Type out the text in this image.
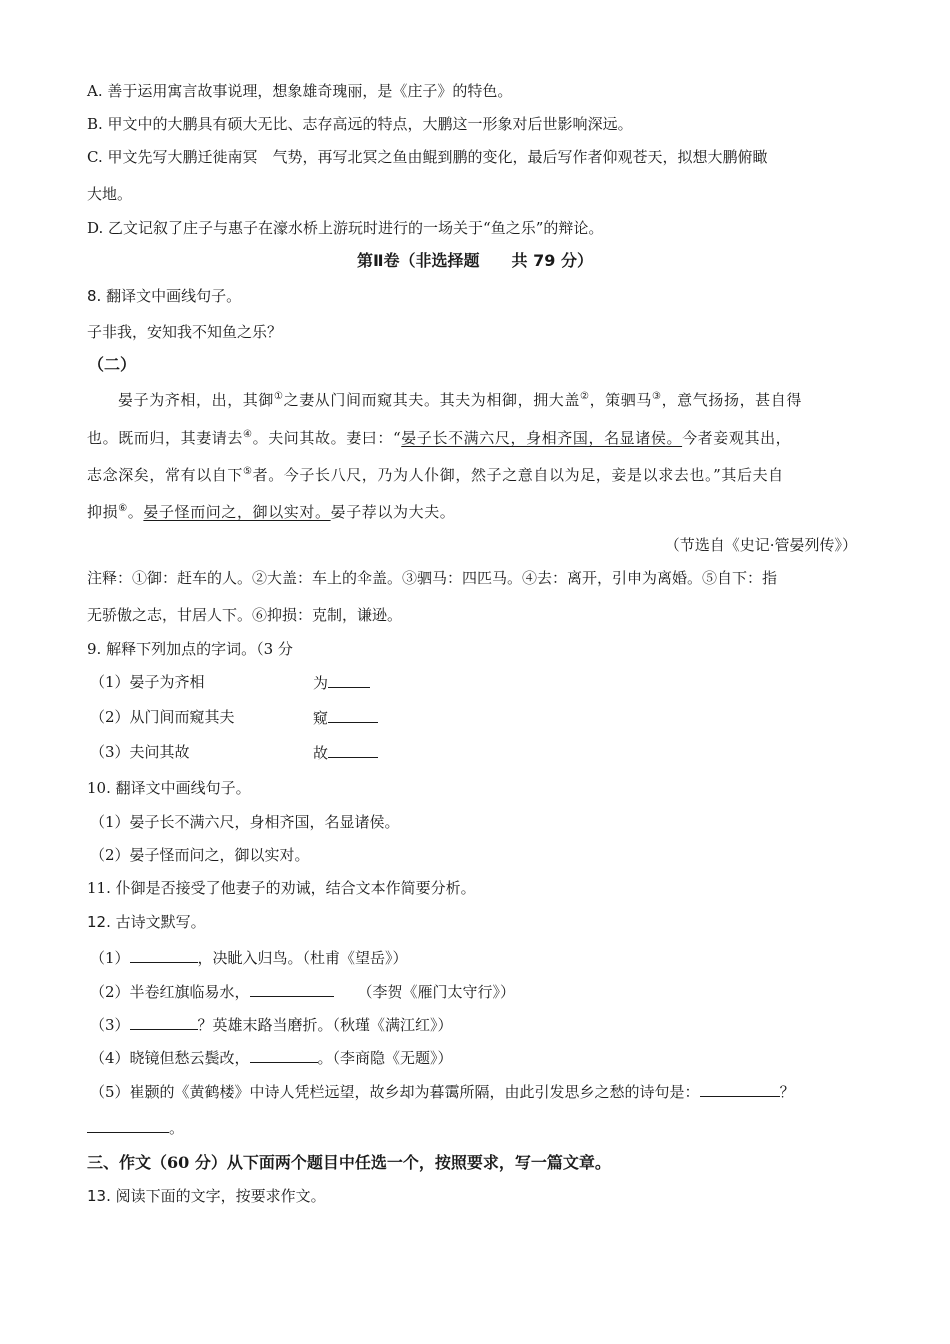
A. 善于运用寓言故事说理，想象雄奇瑰丽，是《庄子》的特色。
B. 甲文中的大鹏具有硕大无比、志存高远的特点，大鹏这一形象对后世影响深远。
C. 甲文先写大鹏迁徙南冥　气势，再写北冥之鱼由鲲到鹏的变化，最后写作者仰观苍天，拟想大鹏俯瞰
大地。
D. 乙文记叙了庄子与惠子在濠水桥上游玩时进行的一场关于“鱼之乐”的辩论。
第Ⅱ卷（非选择题　　共 79 分）
8. 翻译文中画线句子。
子非我，安知我不知鱼之乐？
（二）
晏子为齐相，出，其御①之妻从门间而窥其夫。其夫为相御，拥大盖②，策驷马③，意气扬扬，甚自得
也。既而归，其妻请去④。夫问其故。妻曰：“晏子长不满六尺，身相齐国，名显诸侯。今者妾观其出，
志念深矣，常有以自下⑤者。今子长八尺，乃为人仆御，然子之意自以为足，妾是以求去也。”其后夫自
抑损⑥。晏子怪而问之，御以实对。晏子荐以为大夫。
（节选自《史记·管晏列传》）
注释：①御：赶车的人。②大盖：车上的伞盖。③驷马：四匹马。④去：离开，引申为离婚。⑤自下：指
无骄傲之志，甘居人下。⑥抑损：克制，谦逊。
9. 解释下列加点的字词。（3 分
（1）晏子为齐相	为
（2）从门间而窥其夫	窥
（3）夫问其故	故
10. 翻译文中画线句子。
（1）晏子长不满六尺，身相齐国，名显诸侯。
（2）晏子怪而问之，御以实对。
11. 仆御是否接受了他妻子的劝诫，结合文本作简要分析。
12. 古诗文默写。
（1）	，决眦入归鸟。（杜甫《望岳》）
（2）半卷红旗临易水，	（李贺《雁门太守行》）
（3）	？英雄末路当磨折。（秋瑾《满江红》）
（4）晓镜但愁云鬓改，	。（李商隐《无题》）
（5）崔颢的《黄鹤楼》中诗人凭栏远望，故乡却为暮霭所隔，由此引发思乡之愁的诗句是：	？
。
三、作文（60 分）从下面两个题目中任选一个，按照要求，写一篇文章。
13. 阅读下面的文字，按要求作文。
